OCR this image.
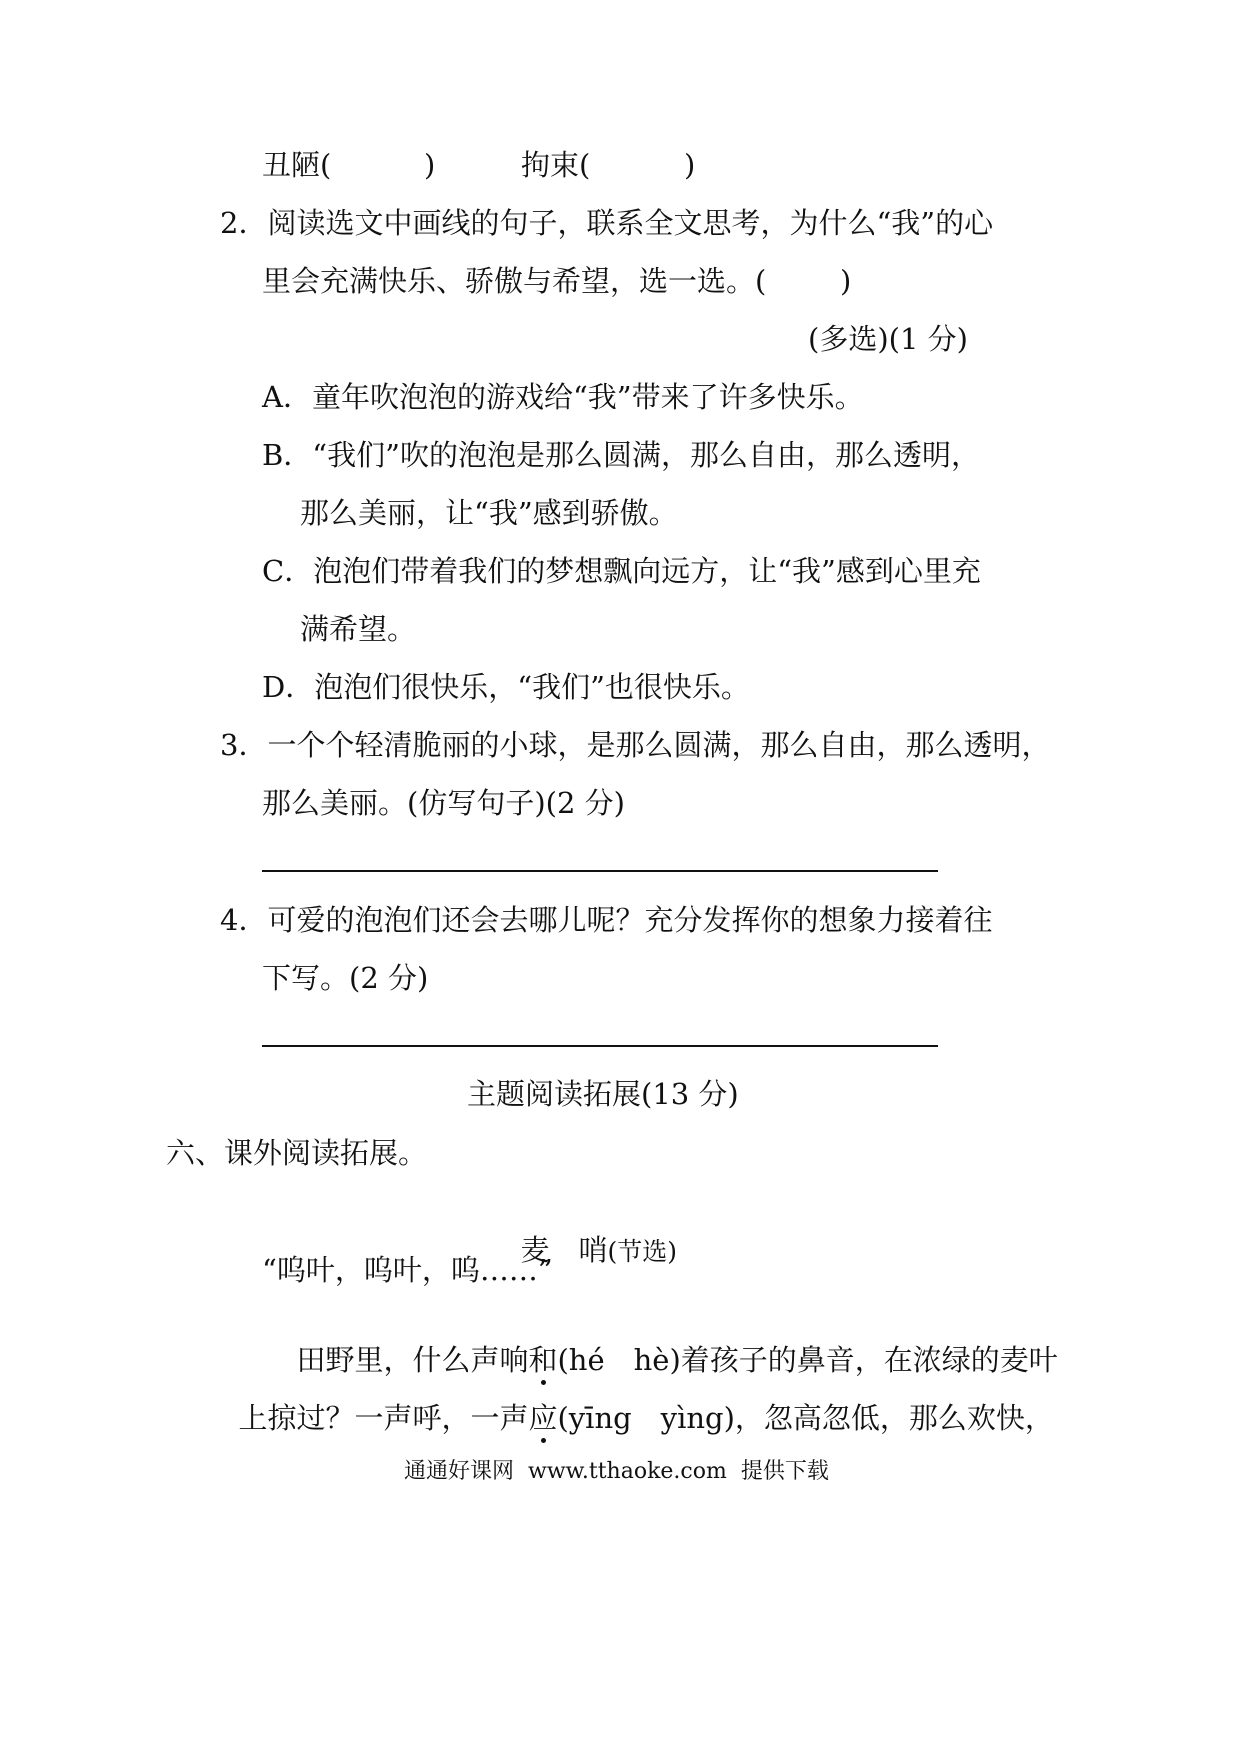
丑陋(	)	拘束(	)
2．阅读选文中画线的句子，联系全文思考，为什么“我”的心
里会充满快乐、骄傲与希望，选一选。(	)
(多选)(1 分)
A．童年吹泡泡的游戏给“我”带来了许多快乐。
B．“我们”吹的泡泡是那么圆满，那么自由，那么透明，
那么美丽，让“我”感到骄傲。
C．泡泡们带着我们的梦想飘向远方，让“我”感到心里充
满希望。
D．泡泡们很快乐，“我们”也很快乐。
3．一个个轻清脆丽的小球，是那么圆满，那么自由，那么透明，
那么美丽。(仿写句子)(2 分)
4．可爱的泡泡们还会去哪儿呢？充分发挥你的想象力接着往
下写。(2 分)
主题阅读拓展(13 分)
六、课外阅读拓展。

麦　哨(节选)

“呜叶，呜叶，呜……”

田野里，什么声响和(hé　hè)着孩子的鼻音，在浓绿的麦叶

上掠过？一声呼，一声应(yīng　yìng)，忽高忽低，那么欢快，

通通好课网  www.tthaoke.com  提供下载
